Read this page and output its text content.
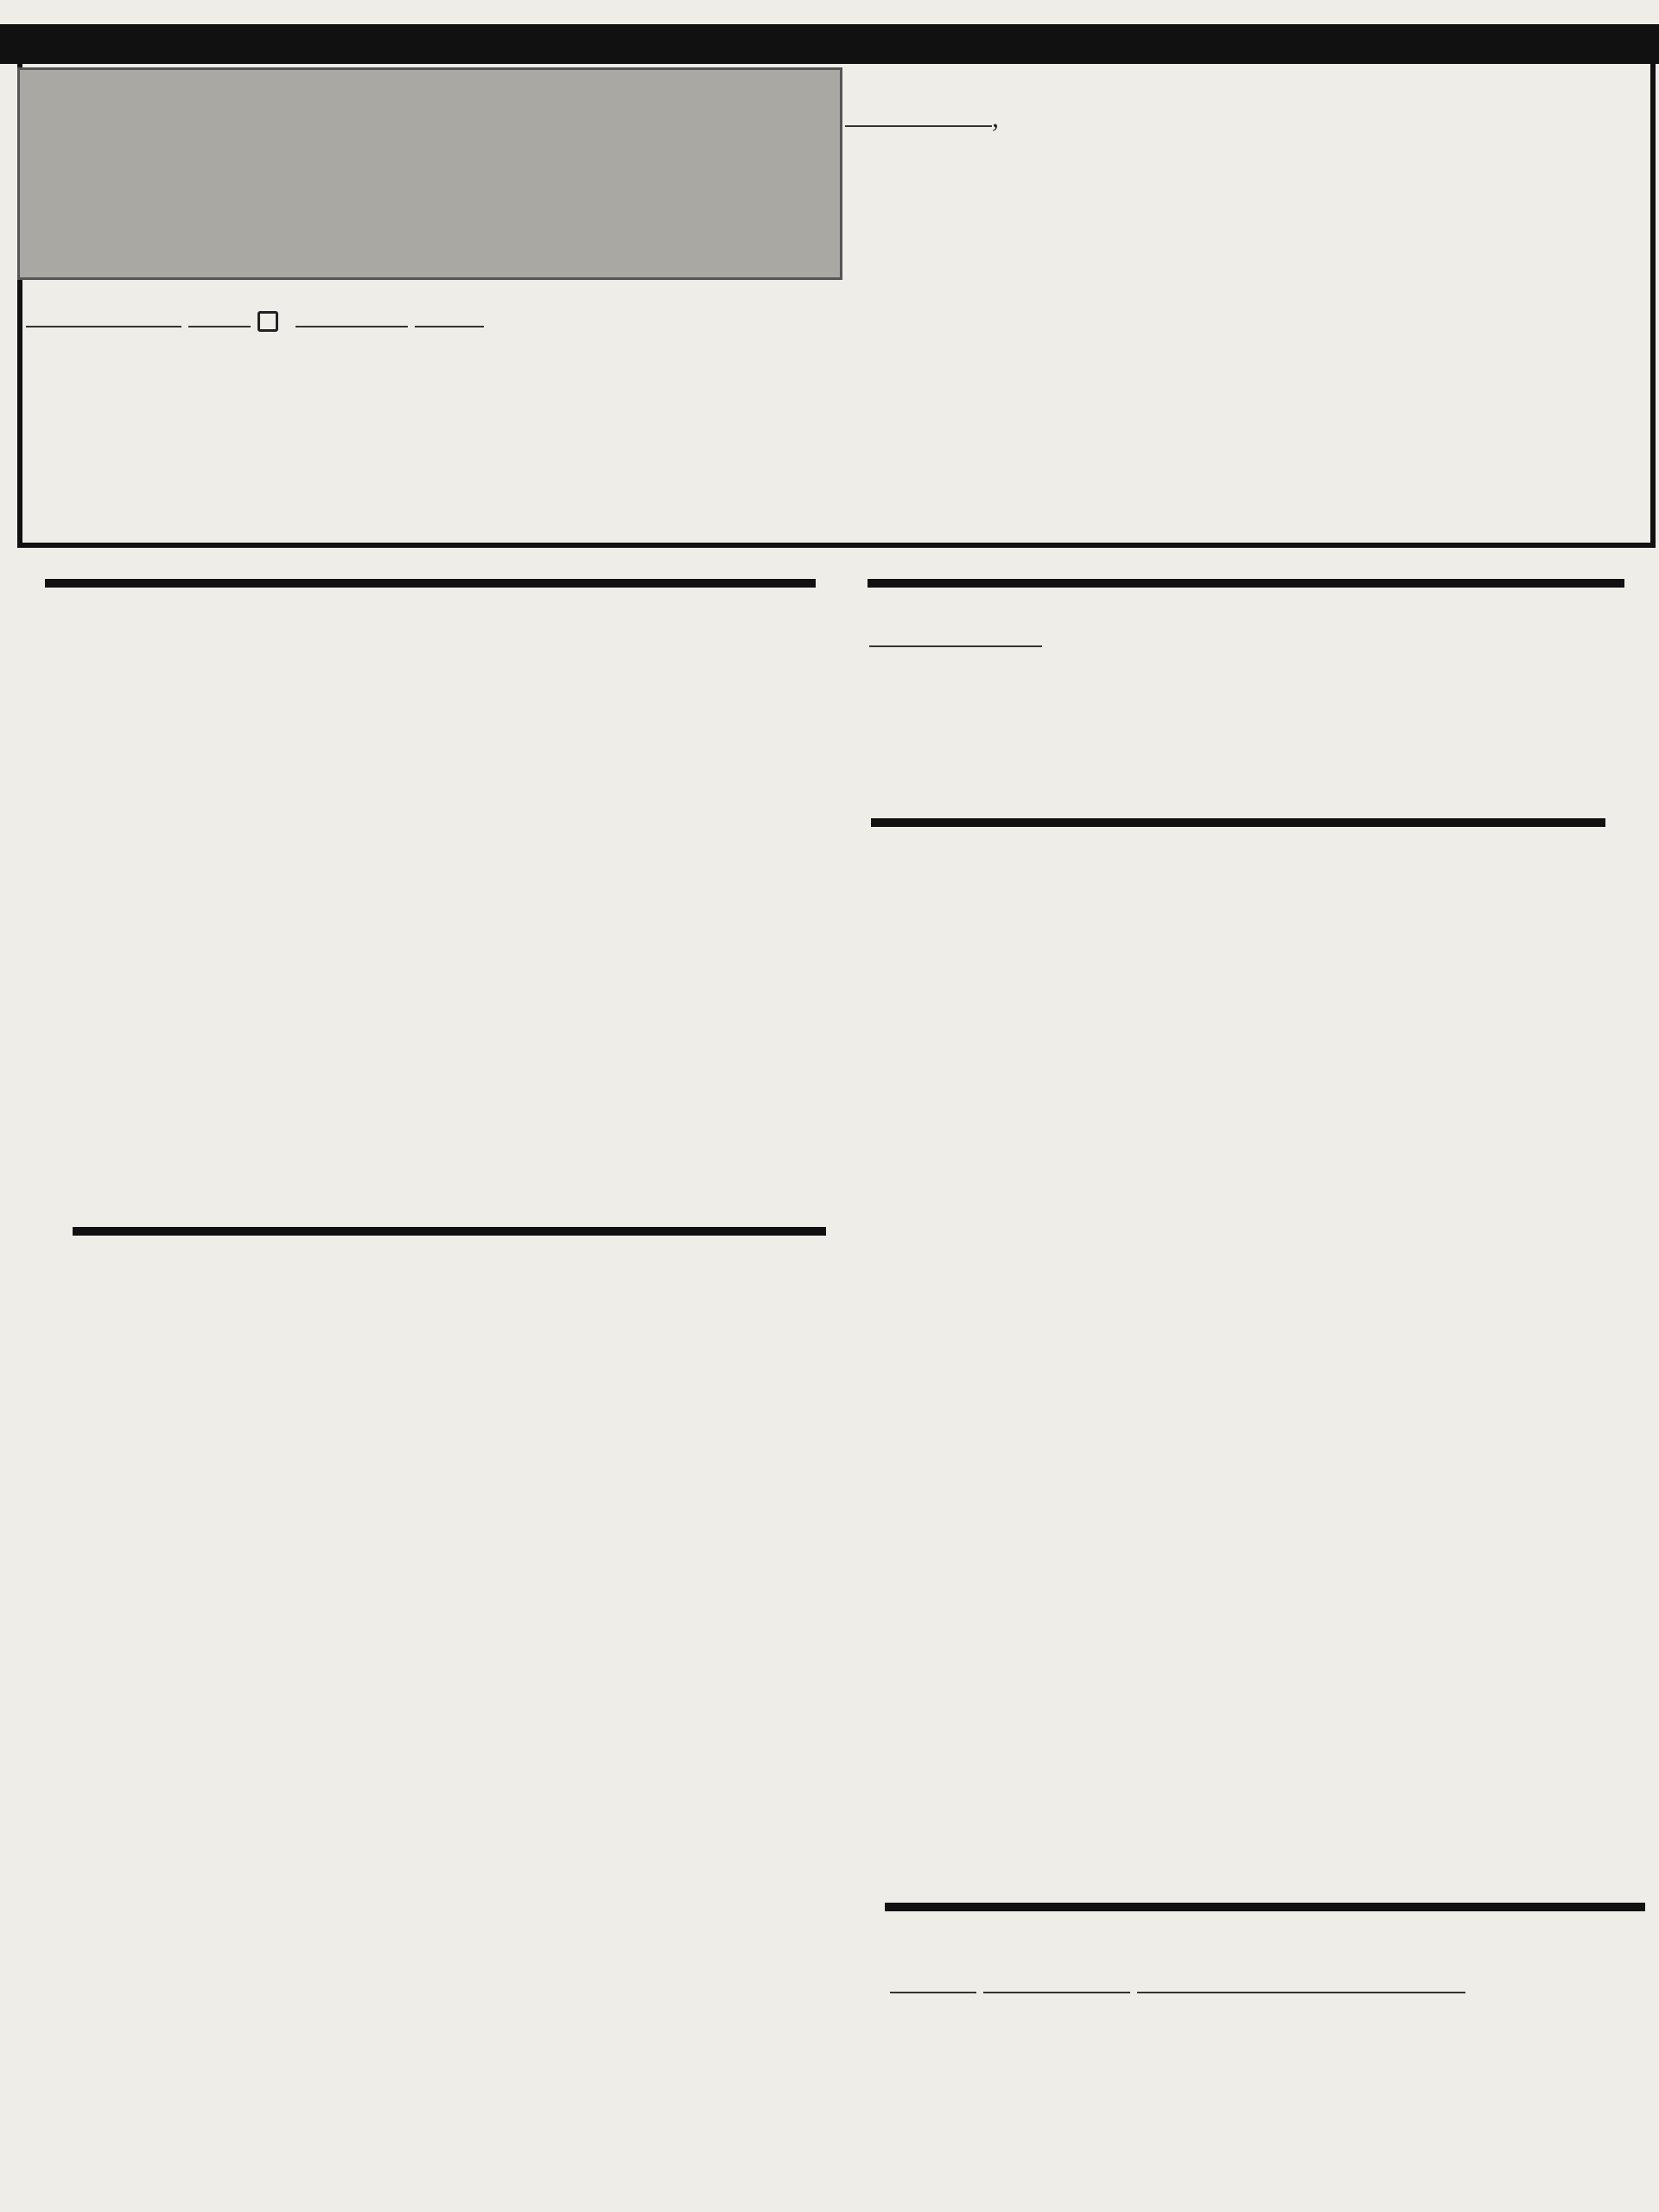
,
